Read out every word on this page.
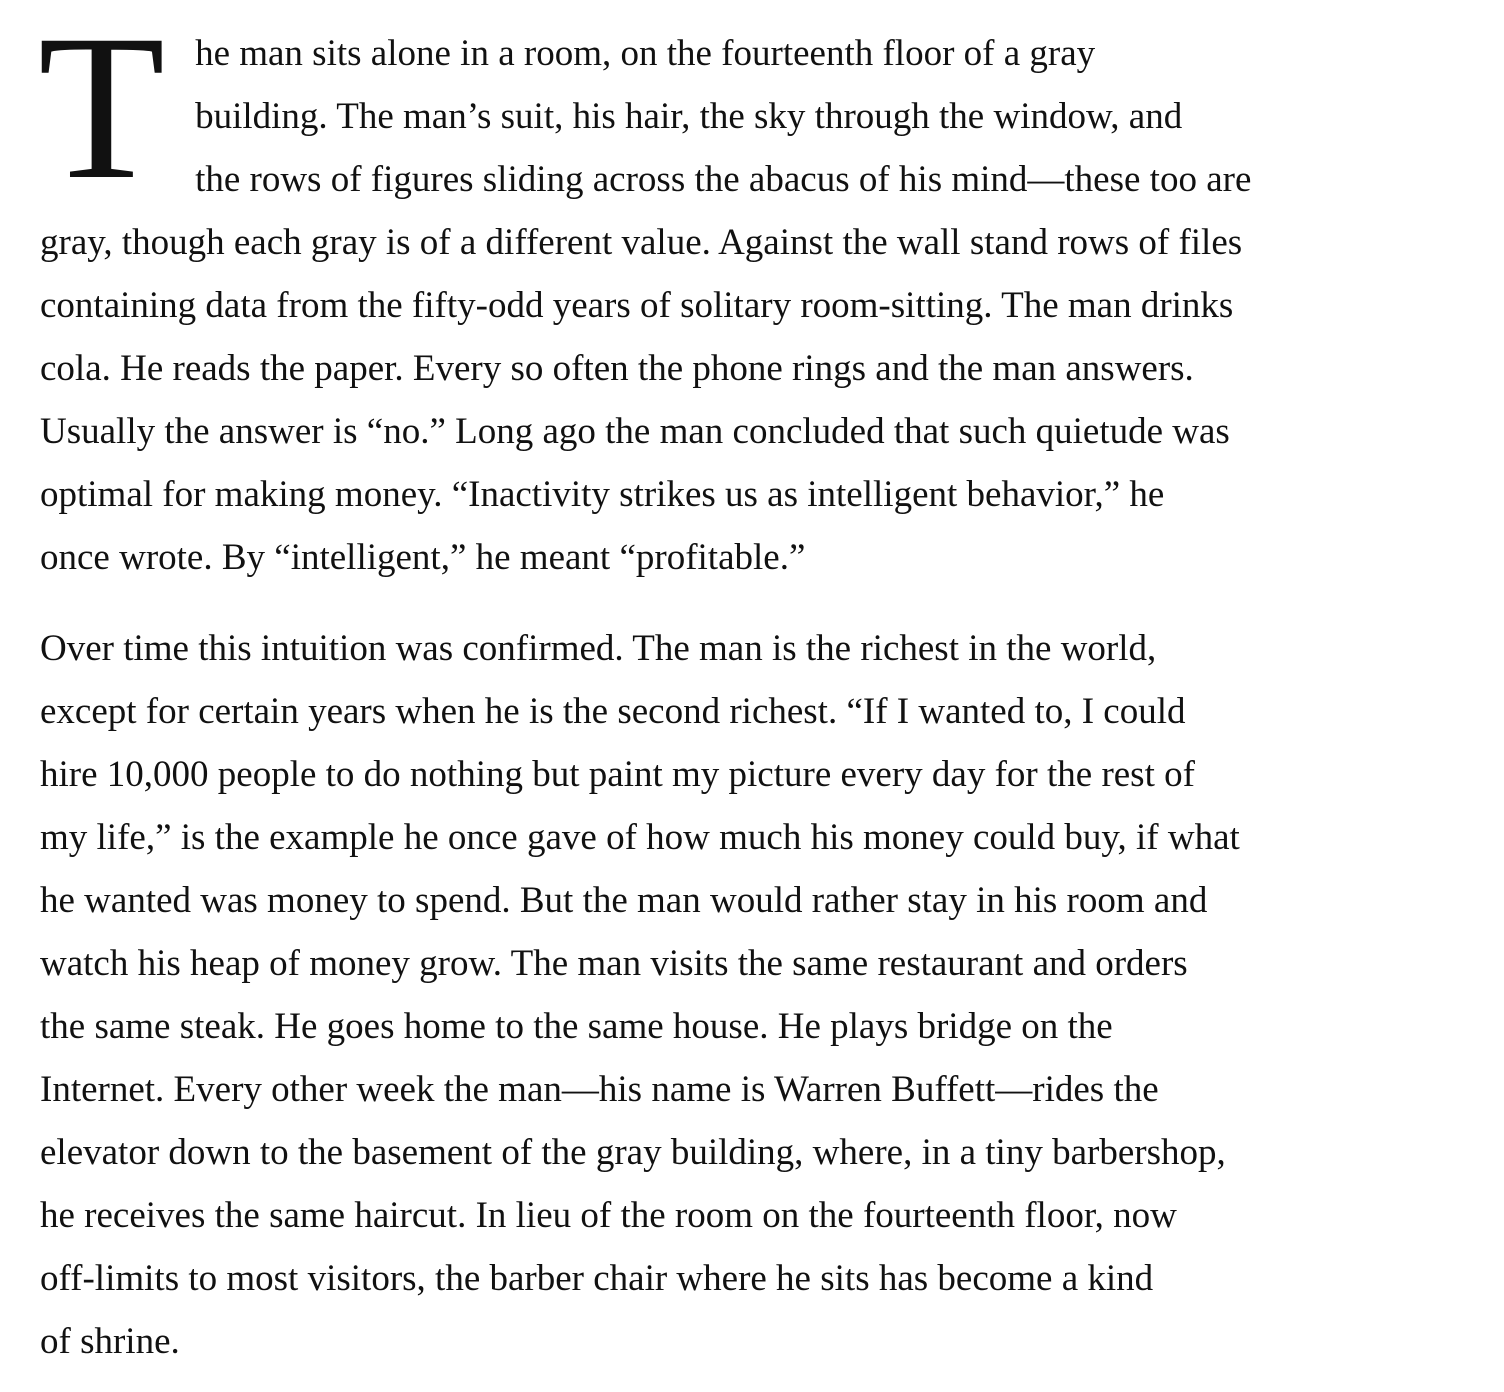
T he man sits alone in a room, on the fourteenth floor of a gray
building. The man’s suit, his hair, the sky through the window, and
the rows of figures sliding across the abacus of his mind—these too are
gray, though each gray is of a different value. Against the wall stand rows of files
containing data from the fifty-odd years of solitary room-sitting. The man drinks
cola. He reads the paper. Every so often the phone rings and the man answers.
Usually the answer is “no.” Long ago the man concluded that such quietude was
optimal for making money. “Inactivity strikes us as intelligent behavior,” he
once wrote. By “intelligent,” he meant “profitable.”

Over time this intuition was confirmed. The man is the richest in the world,
except for certain years when he is the second richest. “If I wanted to, I could
hire 10,000 people to do nothing but paint my picture every day for the rest of
my life,” is the example he once gave of how much his money could buy, if what
he wanted was money to spend. But the man would rather stay in his room and
watch his heap of money grow. The man visits the same restaurant and orders
the same steak. He goes home to the same house. He plays bridge on the
Internet. Every other week the man—his name is Warren Buffett—rides the
elevator down to the basement of the gray building, where, in a tiny barbershop,
he receives the same haircut. In lieu of the room on the fourteenth floor, now
off-limits to most visitors, the barber chair where he sits has become a kind
of shrine.
